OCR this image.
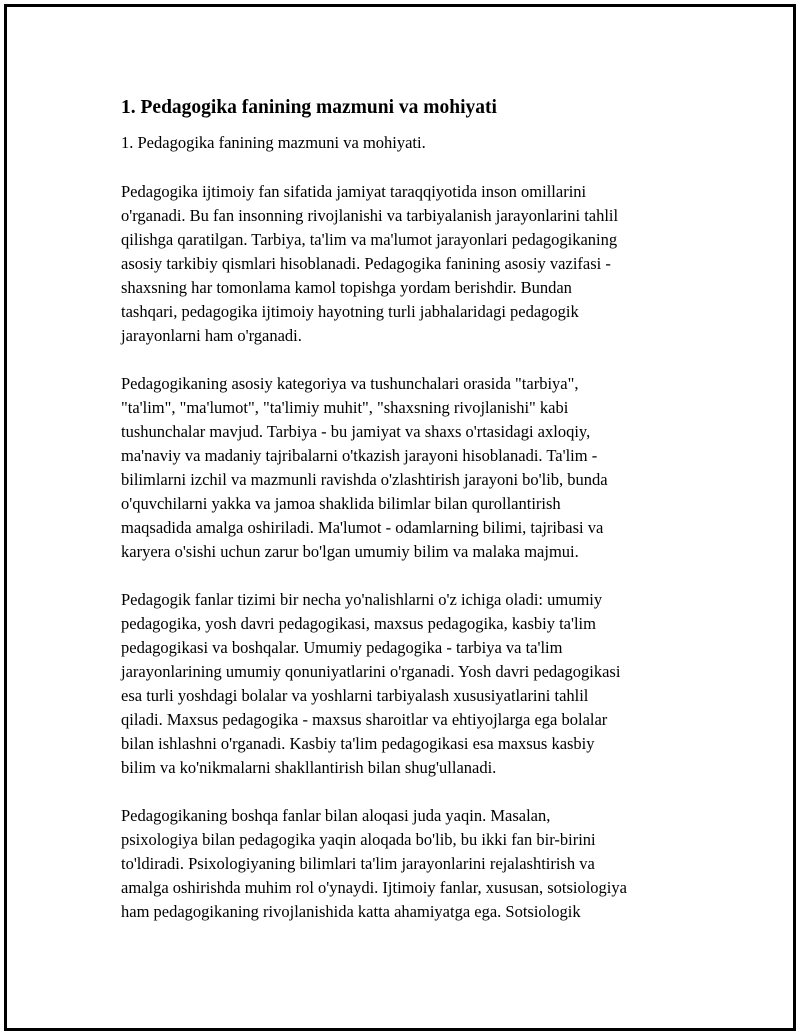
1. Pedagogika fanining mazmuni va mohiyati

1. Pedagogika fanining mazmuni va mohiyati.

Pedagogika ijtimoiy fan sifatida jamiyat taraqqiyotida inson omillarini
o'rganadi. Bu fan insonning rivojlanishi va tarbiyalanish jarayonlarini tahlil
qilishga qaratilgan. Tarbiya, ta'lim va ma'lumot jarayonlari pedagogikaning
asosiy tarkibiy qismlari hisoblanadi. Pedagogika fanining asosiy vazifasi -
shaxsning har tomonlama kamol topishga yordam berishdir. Bundan
tashqari, pedagogika ijtimoiy hayotning turli jabhalaridagi pedagogik
jarayonlarni ham o'rganadi.

Pedagogikaning asosiy kategoriya va tushunchalari orasida "tarbiya",
"ta'lim", "ma'lumot", "ta'limiy muhit", "shaxsning rivojlanishi" kabi
tushunchalar mavjud. Tarbiya - bu jamiyat va shaxs o'rtasidagi axloqiy,
ma'naviy va madaniy tajribalarni o'tkazish jarayoni hisoblanadi. Ta'lim -
bilimlarni izchil va mazmunli ravishda o'zlashtirish jarayoni bo'lib, bunda
o'quvchilarni yakka va jamoa shaklida bilimlar bilan qurollantirish
maqsadida amalga oshiriladi. Ma'lumot - odamlarning bilimi, tajribasi va
karyera o'sishi uchun zarur bo'lgan umumiy bilim va malaka majmui.

Pedagogik fanlar tizimi bir necha yo'nalishlarni o'z ichiga oladi: umumiy
pedagogika, yosh davri pedagogikasi, maxsus pedagogika, kasbiy ta'lim
pedagogikasi va boshqalar. Umumiy pedagogika - tarbiya va ta'lim
jarayonlarining umumiy qonuniyatlarini o'rganadi. Yosh davri pedagogikasi
esa turli yoshdagi bolalar va yoshlarni tarbiyalash xususiyatlarini tahlil
qiladi. Maxsus pedagogika - maxsus sharoitlar va ehtiyojlarga ega bolalar
bilan ishlashni o'rganadi. Kasbiy ta'lim pedagogikasi esa maxsus kasbiy
bilim va ko'nikmalarni shakllantirish bilan shug'ullanadi.

Pedagogikaning boshqa fanlar bilan aloqasi juda yaqin. Masalan,
psixologiya bilan pedagogika yaqin aloqada bo'lib, bu ikki fan bir-birini
to'ldiradi. Psixologiyaning bilimlari ta'lim jarayonlarini rejalashtirish va
amalga oshirishda muhim rol o'ynaydi. Ijtimoiy fanlar, xususan, sotsiologiya
ham pedagogikaning rivojlanishida katta ahamiyatga ega. Sotsiologik
